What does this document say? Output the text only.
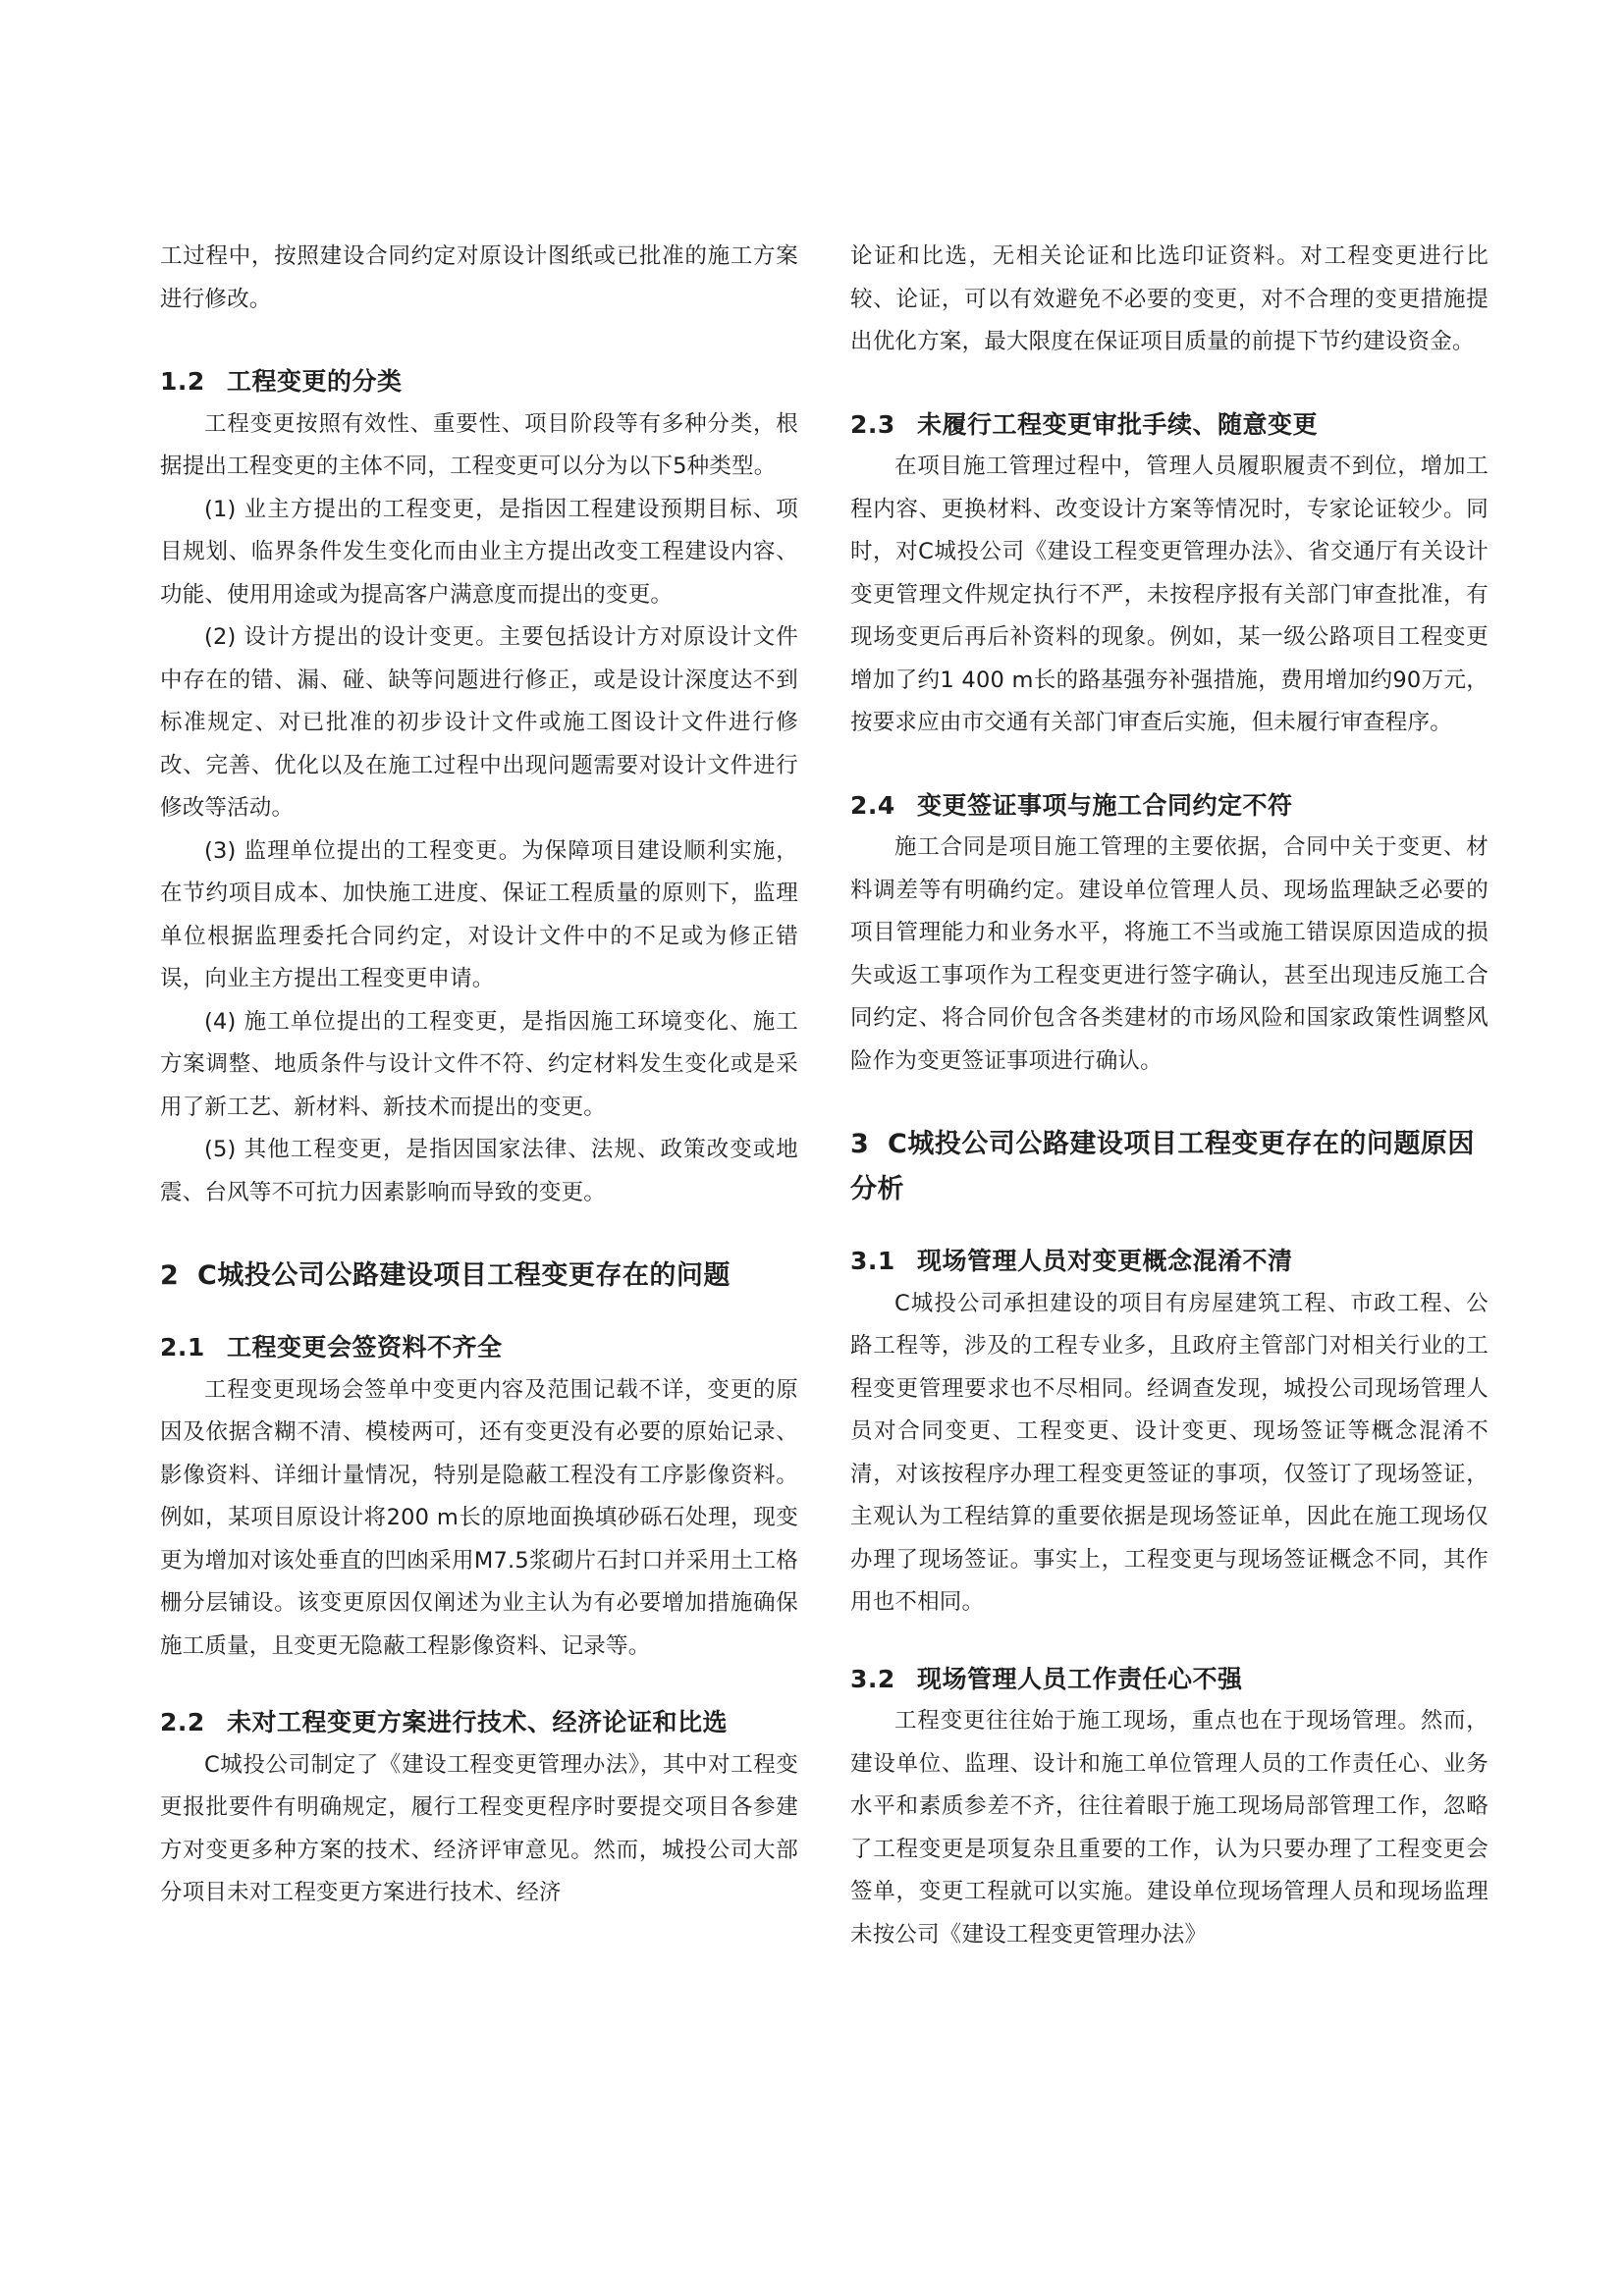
工过程中，按照建设合同约定对原设计图纸或已批准的施工方案进行修改。

1.2 工程变更的分类

工程变更按照有效性、重要性、项目阶段等有多种分类，根据提出工程变更的主体不同，工程变更可以分为以下5种类型。

(1) 业主方提出的工程变更，是指因工程建设预期目标、项目规划、临界条件发生变化而由业主方提出改变工程建设内容、功能、使用用途或为提高客户满意度而提出的变更。

(2) 设计方提出的设计变更。主要包括设计方对原设计文件中存在的错、漏、碰、缺等问题进行修正，或是设计深度达不到标准规定、对已批准的初步设计文件或施工图设计文件进行修改、完善、优化以及在施工过程中出现问题需要对设计文件进行修改等活动。

(3) 监理单位提出的工程变更。为保障项目建设顺利实施，在节约项目成本、加快施工进度、保证工程质量的原则下，监理单位根据监理委托合同约定，对设计文件中的不足或为修正错误，向业主方提出工程变更申请。

(4) 施工单位提出的工程变更，是指因施工环境变化、施工方案调整、地质条件与设计文件不符、约定材料发生变化或是采用了新工艺、新材料、新技术而提出的变更。

(5) 其他工程变更，是指因国家法律、法规、政策改变或地震、台风等不可抗力因素影响而导致的变更。

2 C城投公司公路建设项目工程变更存在的问题
2.1 工程变更会签资料不齐全

工程变更现场会签单中变更内容及范围记载不详，变更的原因及依据含糊不清、模棱两可，还有变更没有必要的原始记录、影像资料、详细计量情况，特别是隐蔽工程没有工序影像资料。例如，某项目原设计将200 m长的原地面换填砂砾石处理，现变更为增加对该处垂直的凹凼采用M7.5浆砌片石封口并采用土工格栅分层铺设。该变更原因仅阐述为业主认为有必要增加措施确保施工质量，且变更无隐蔽工程影像资料、记录等。

2.2 未对工程变更方案进行技术、经济论证和比选

C城投公司制定了《建设工程变更管理办法》，其中对工程变更报批要件有明确规定，履行工程变更程序时要提交项目各参建方对变更多种方案的技术、经济评审意见。然而，城投公司大部分项目未对工程变更方案进行技术、经济

论证和比选，无相关论证和比选印证资料。对工程变更进行比较、论证，可以有效避免不必要的变更，对不合理的变更措施提出优化方案，最大限度在保证项目质量的前提下节约建设资金。

2.3 未履行工程变更审批手续、随意变更

在项目施工管理过程中，管理人员履职履责不到位，增加工程内容、更换材料、改变设计方案等情况时，专家论证较少。同时，对C城投公司《建设工程变更管理办法》、省交通厅有关设计变更管理文件规定执行不严，未按程序报有关部门审查批准，有现场变更后再后补资料的现象。例如，某一级公路项目工程变更增加了约1 400 m长的路基强夯补强措施，费用增加约90万元，按要求应由市交通有关部门审查后实施，但未履行审查程序。

2.4 变更签证事项与施工合同约定不符

施工合同是项目施工管理的主要依据，合同中关于变更、材料调差等有明确约定。建设单位管理人员、现场监理缺乏必要的项目管理能力和业务水平，将施工不当或施工错误原因造成的损失或返工事项作为工程变更进行签字确认，甚至出现违反施工合同约定、将合同价包含各类建材的市场风险和国家政策性调整风险作为变更签证事项进行确认。

3 C城投公司公路建设项目工程变更存在的问题原因分析
3.1 现场管理人员对变更概念混淆不清

C城投公司承担建设的项目有房屋建筑工程、市政工程、公路工程等，涉及的工程专业多，且政府主管部门对相关行业的工程变更管理要求也不尽相同。经调查发现，城投公司现场管理人员对合同变更、工程变更、设计变更、现场签证等概念混淆不清，对该按程序办理工程变更签证的事项，仅签订了现场签证，主观认为工程结算的重要依据是现场签证单，因此在施工现场仅办理了现场签证。事实上，工程变更与现场签证概念不同，其作用也不相同。

3.2 现场管理人员工作责任心不强

工程变更往往始于施工现场，重点也在于现场管理。然而，建设单位、监理、设计和施工单位管理人员的工作责任心、业务水平和素质参差不齐，往往着眼于施工现场局部管理工作，忽略了工程变更是项复杂且重要的工作，认为只要办理了工程变更会签单，变更工程就可以实施。建设单位现场管理人员和现场监理未按公司《建设工程变更管理办法》
